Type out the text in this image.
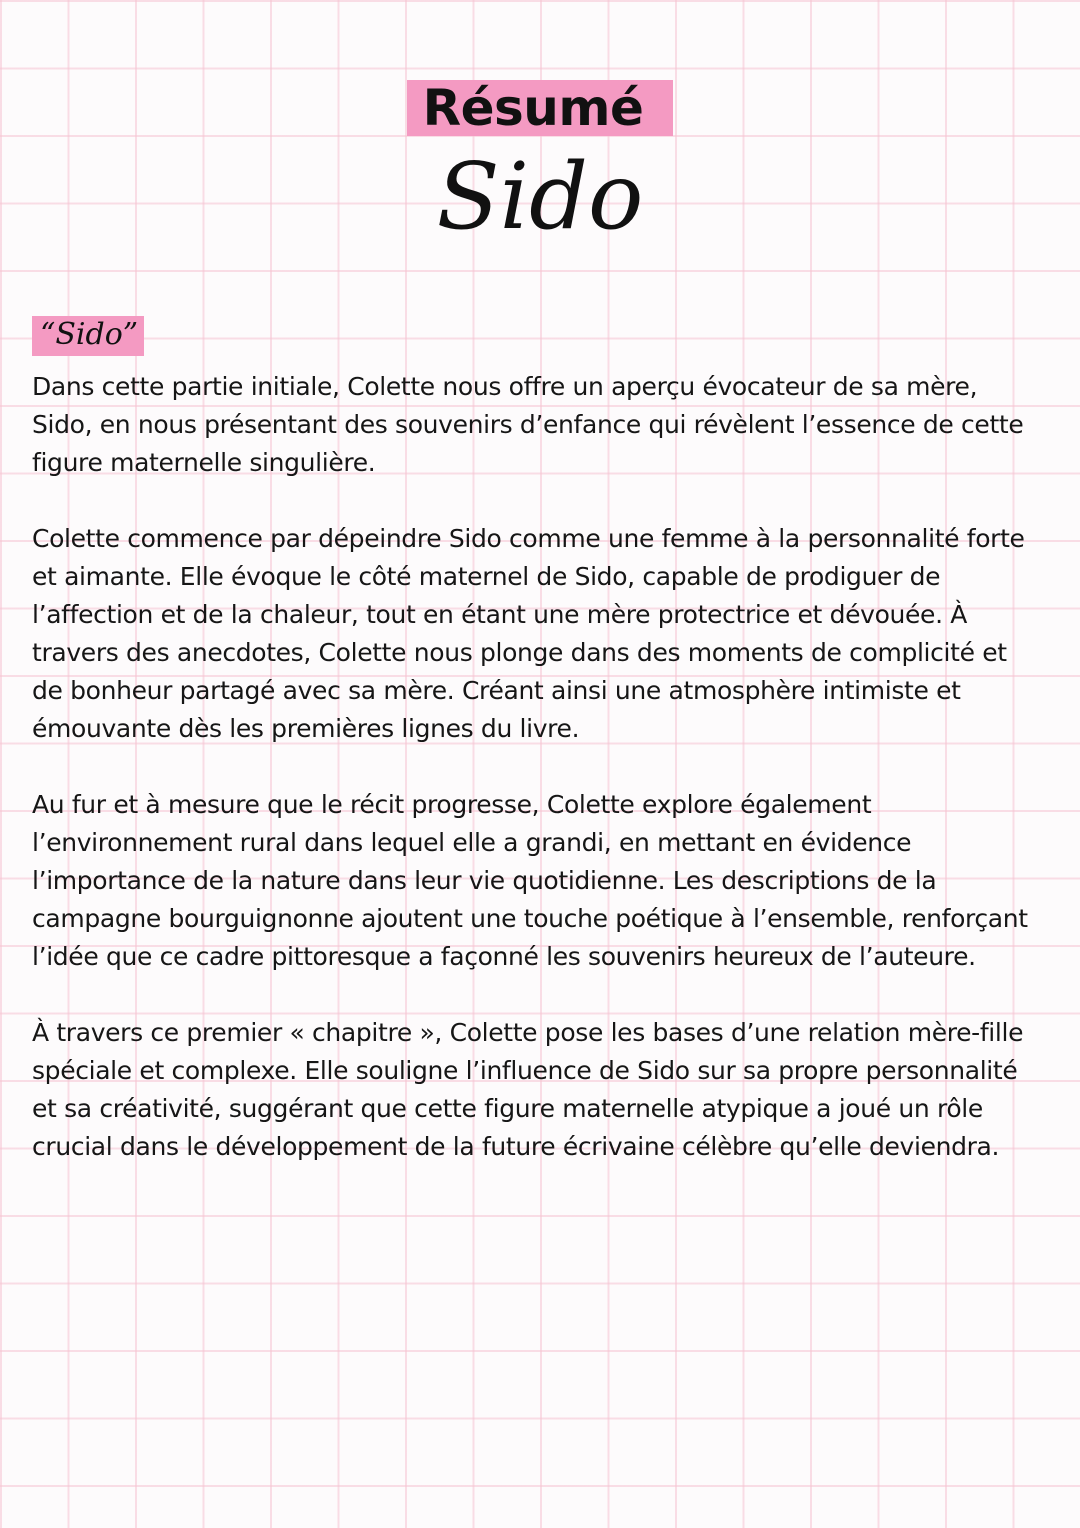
Résumé
Sido
“Sido”

Dans cette partie initiale, Colette nous offre un aperçu évocateur de sa mère, Sido, en nous présentant des souvenirs d’enfance qui révèlent l’essence de cette figure maternelle singulière.

Colette commence par dépeindre Sido comme une femme à la personnalité forte et aimante. Elle évoque le côté maternel de Sido, capable de prodiguer de l’affection et de la chaleur, tout en étant une mère protectrice et dévouée. À travers des anecdotes, Colette nous plonge dans des moments de complicité et de bonheur partagé avec sa mère. Créant ainsi une atmosphère intimiste et émouvante dès les premières lignes du livre.

Au fur et à mesure que le récit progresse, Colette explore également l’environnement rural dans lequel elle a grandi, en mettant en évidence l’importance de la nature dans leur vie quotidienne. Les descriptions de la campagne bourguignonne ajoutent une touche poétique à l’ensemble, renforçant l’idée que ce cadre pittoresque a façonné les souvenirs heureux de l’auteure.

À travers ce premier « chapitre », Colette pose les bases d’une relation mère-fille spéciale et complexe. Elle souligne l’influence de Sido sur sa propre personnalité et sa créativité, suggérant que cette figure maternelle atypique a joué un rôle crucial dans le développement de la future écrivaine célèbre qu’elle deviendra.
